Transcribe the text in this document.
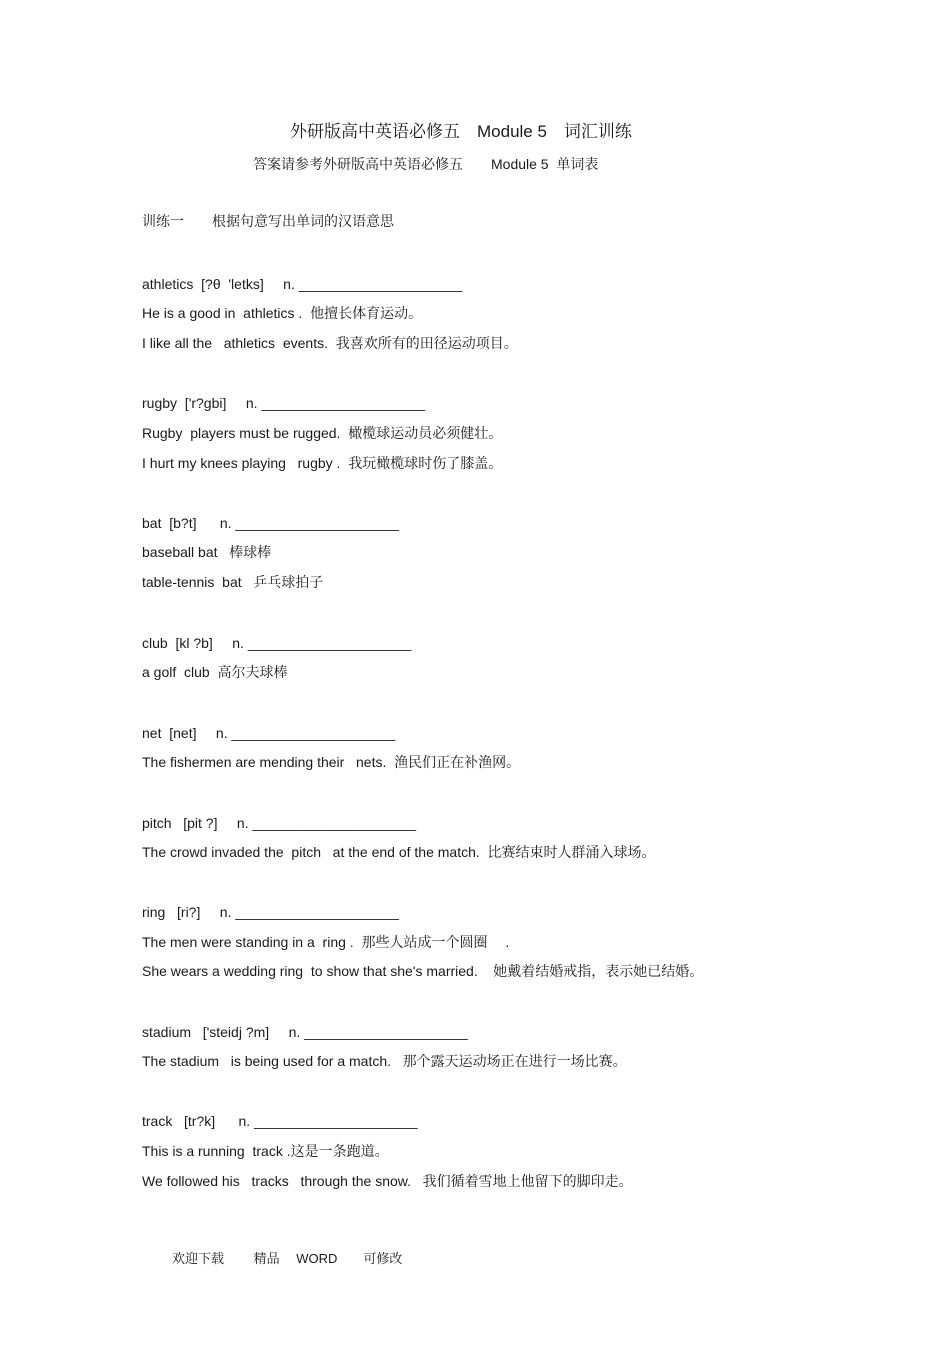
外研版高中英语必修五　Module 5　词汇训练
答案请参考外研版高中英语必修五　　Module 5  单词表
训练一　　根据句意写出单词的汉语意思
athletics  [?θ  'letks]     n. _____________________
He is a good in  athletics .  他擅长体育运动。
I like all the   athletics  events.  我喜欢所有的田径运动项目。
rugby  ['r?gbi]     n. _____________________
Rugby  players must be rugged.  橄榄球运动员必须健壮。
I hurt my knees playing   rugby .  我玩橄榄球时伤了膝盖。
bat  [b?t]      n. _____________________
baseball bat   棒球棒
table-tennis  bat   乒乓球拍子
club  [kl ?b]     n. _____________________
a golf  club  高尔夫球棒
net  [net]     n. _____________________
The fishermen are mending their   nets.  渔民们正在补渔网。
pitch   [pit ?]     n. _____________________
The crowd invaded the  pitch   at the end of the match.  比赛结束时人群涌入球场。
ring   [ri?]     n. _____________________
The men were standing in a  ring .  那些人站成一个圆圈　 .
She wears a wedding ring  to show that she's married.    她戴着结婚戒指，表示她已结婚。
stadium   ['steidj ?m]     n. _____________________
The stadium   is being used for a match.   那个露天运动场正在进行一场比赛。
track   [tr?k]      n. _____________________
This is a running  track .这是一条跑道。
We followed his   tracks   through the snow.   我们循着雪地上他留下的脚印走。
欢迎下载　　 精品　 WORD　　可修改
